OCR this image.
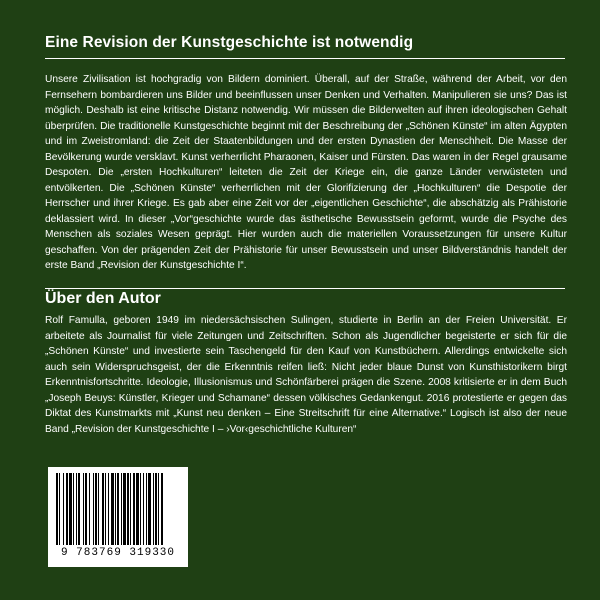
Eine Revision der Kunstgeschichte ist notwendig

Unsere Zivilisation ist hochgradig von Bildern dominiert. Überall, auf der Straße, während der Arbeit, vor den Fernsehern bombardieren uns Bilder und beeinflussen unser Denken und Verhalten. Manipulieren sie uns? Das ist möglich. Deshalb ist eine kritische Distanz notwendig. Wir müssen die Bilderwelten auf ihren ideologischen Gehalt überprüfen. Die traditionelle Kunstgeschichte beginnt mit der Beschreibung der „Schönen Künste“ im alten Ägypten und im Zweistromland: die Zeit der Staatenbildungen und der ersten Dynastien der Menschheit. Die Masse der Bevölkerung wurde versklavt. Kunst verherrlicht Pharaonen, Kaiser und Fürsten. Das waren in der Regel grausame Despoten. Die „ersten Hochkulturen“ leiteten die Zeit der Kriege ein, die ganze Länder verwüsteten und entvölkerten. Die „Schönen Künste“ verherrlichen mit der Glorifizierung der „Hochkulturen“ die Despotie der Herrscher und ihrer Kriege. Es gab aber eine Zeit vor der „eigentlichen Geschichte“, die abschätzig als Prähistorie deklassiert wird. In dieser „Vor“geschichte wurde das ästhetische Bewusstsein geformt, wurde die Psyche des Menschen als soziales Wesen geprägt. Hier wurden auch die materiellen Voraussetzungen für unsere Kultur geschaffen. Von der prägenden Zeit der Prähistorie für unser Bewusstsein und unser Bildverständnis handelt der erste Band „Revision der Kunstgeschichte I“.

Über den Autor

Rolf Famulla, geboren 1949 im niedersächsischen Sulingen, studierte in Berlin an der Freien Universität. Er arbeitete als Journalist für viele Zeitungen und Zeitschriften. Schon als Jugendlicher begeisterte er sich für die „Schönen Künste“ und investierte sein Taschengeld für den Kauf von Kunstbüchern. Allerdings entwickelte sich auch sein Widerspruchsgeist, der die Erkenntnis reifen ließ: Nicht jeder blaue Dunst von Kunsthistorikern birgt Erkenntnisfortschritte. Ideologie, Illusionismus und Schönfärberei prägen die Szene. 2008 kritisierte er in dem Buch „Joseph Beuys: Künstler, Krieger und Schamane“ dessen völkisches Gedankengut. 2016 protestierte er gegen das Diktat des Kunstmarkts mit „Kunst neu denken – Eine Streitschrift für eine Alternative.“ Logisch ist also der neue Band „Revision der Kunstgeschichte I – ›Vor‹geschichtliche Kulturen“

9 783769 319330
